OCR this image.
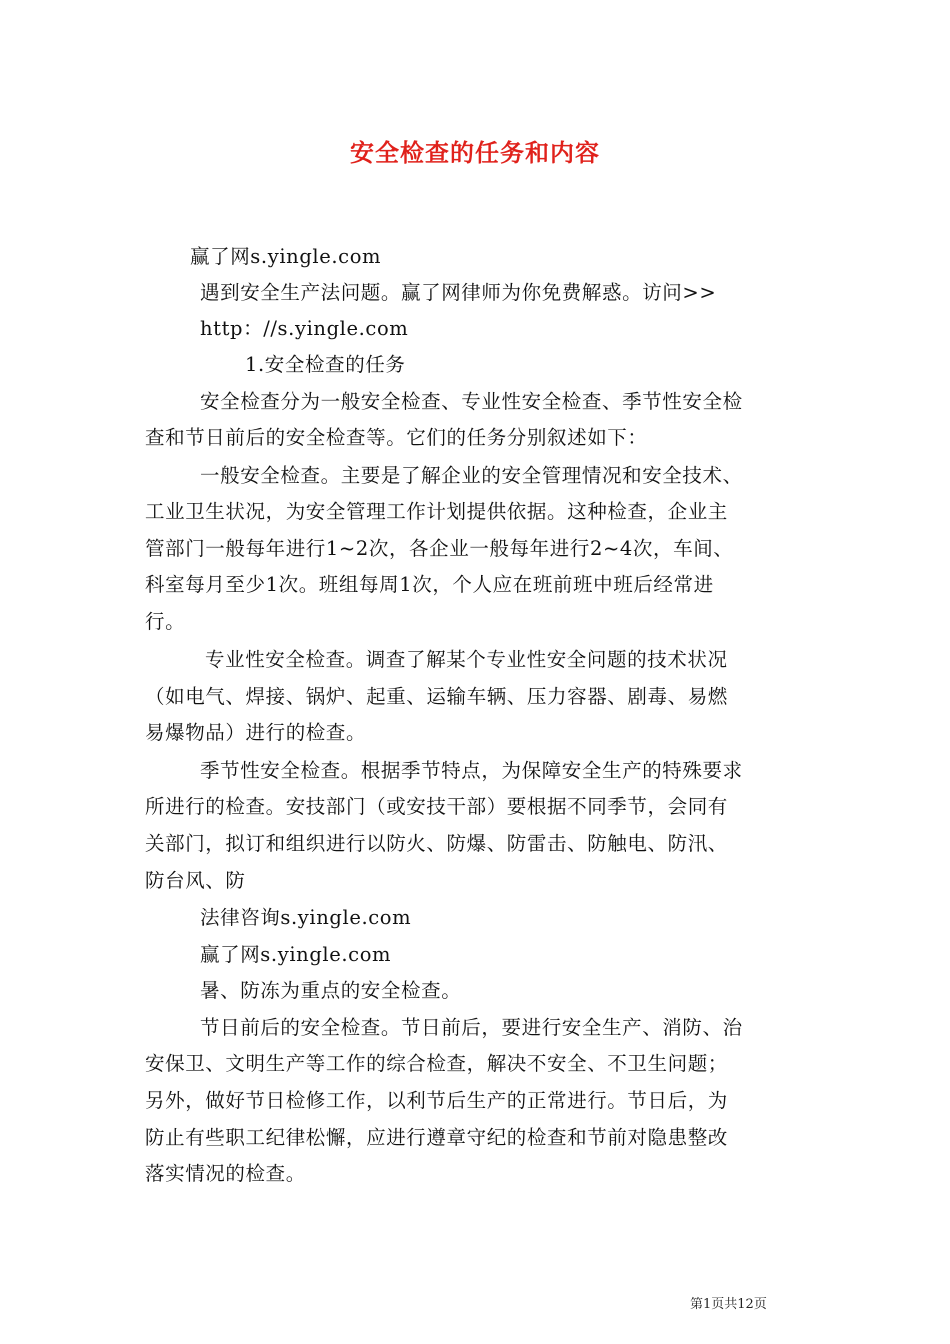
安全检查的任务和内容
赢了网s.yingle.com
遇到安全生产法问题。赢了网律师为你免费解惑。访问>>
http：//s.yingle.com
1.安全检查的任务
安全检查分为一般安全检查、专业性安全检查、季节性安全检
查和节日前后的安全检查等。它们的任务分别叙述如下：
一般安全检查。主要是了解企业的安全管理情况和安全技术、
工业卫生状况，为安全管理工作计划提供依据。这种检查，企业主
管部门一般每年进行1~2次，各企业一般每年进行2~4次，车间、
科室每月至少1次。班组每周1次，个人应在班前班中班后经常进
行。
专业性安全检查。调查了解某个专业性安全问题的技术状况
（如电气、焊接、锅炉、起重、运输车辆、压力容器、剧毒、易燃
易爆物品）进行的检查。
季节性安全检查。根据季节特点，为保障安全生产的特殊要求
所进行的检查。安技部门（或安技干部）要根据不同季节，会同有
关部门，拟订和组织进行以防火、防爆、防雷击、防触电、防汛、
防台风、防
法律咨询s.yingle.com
赢了网s.yingle.com
暑、防冻为重点的安全检查。
节日前后的安全检查。节日前后，要进行安全生产、消防、治
安保卫、文明生产等工作的综合检查，解决不安全、不卫生问题；
另外，做好节日检修工作，以利节后生产的正常进行。节日后，为
防止有些职工纪律松懈，应进行遵章守纪的检查和节前对隐患整改
落实情况的检查。
第1页共12页
